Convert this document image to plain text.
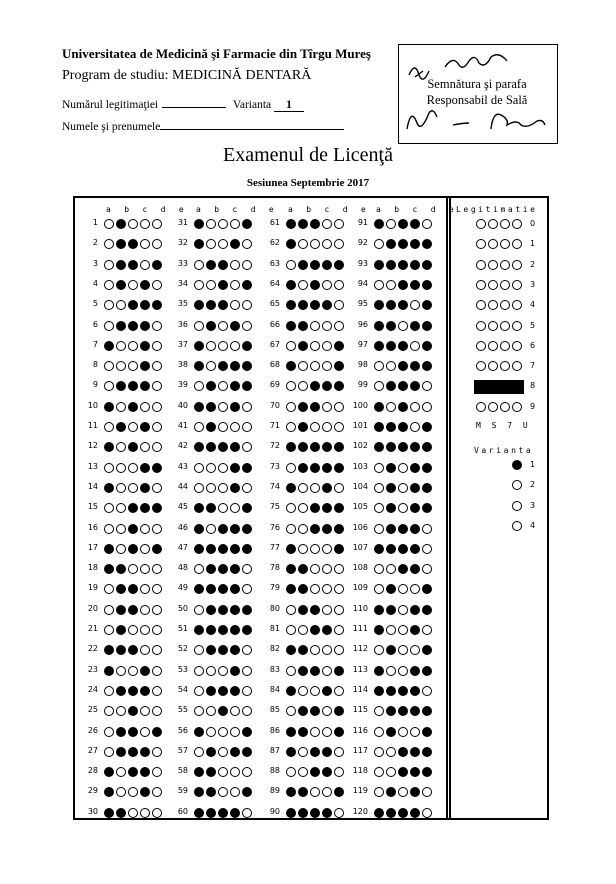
Universitatea de Medicină şi Farmacie din Tîrgu Mureş
Program de studiu: MEDICINĂ DENTARĂ
Numărul legitimaţiei	Varianta 1
Numele şi prenumele
Semnătura şi parafa
Responsabil de Sală
Examenul de Licenţă
Sesiunea Septembrie 2017
a b c d e a b c d e a b c d e a b c d e
1
2
3
4
5
6
7
8
9
10
11
12
13
14
15
16
17
18
19
20
21
22
23
24
25
26
27
28
29
30
31
32
33
34
35
36
37
38
39
40
41
42
43
44
45
46
47
48
49
50
51
52
53
54
55
56
57
58
59
60
61
62
63
64
65
66
67
68
69
70
71
72
73
74
75
76
77
78
79
80
81
82
83
84
85
86
87
88
89
90
91
92
93
94
95
96
97
98
99
100
101
102
103
104
105
106
107
108
109
110
111
112
113
114
115
116
117
118
119
120
Legitimatie
0
1
2
3
4
5
6
7
8
9
M S 7 U
Varianta
1
2
3
4
